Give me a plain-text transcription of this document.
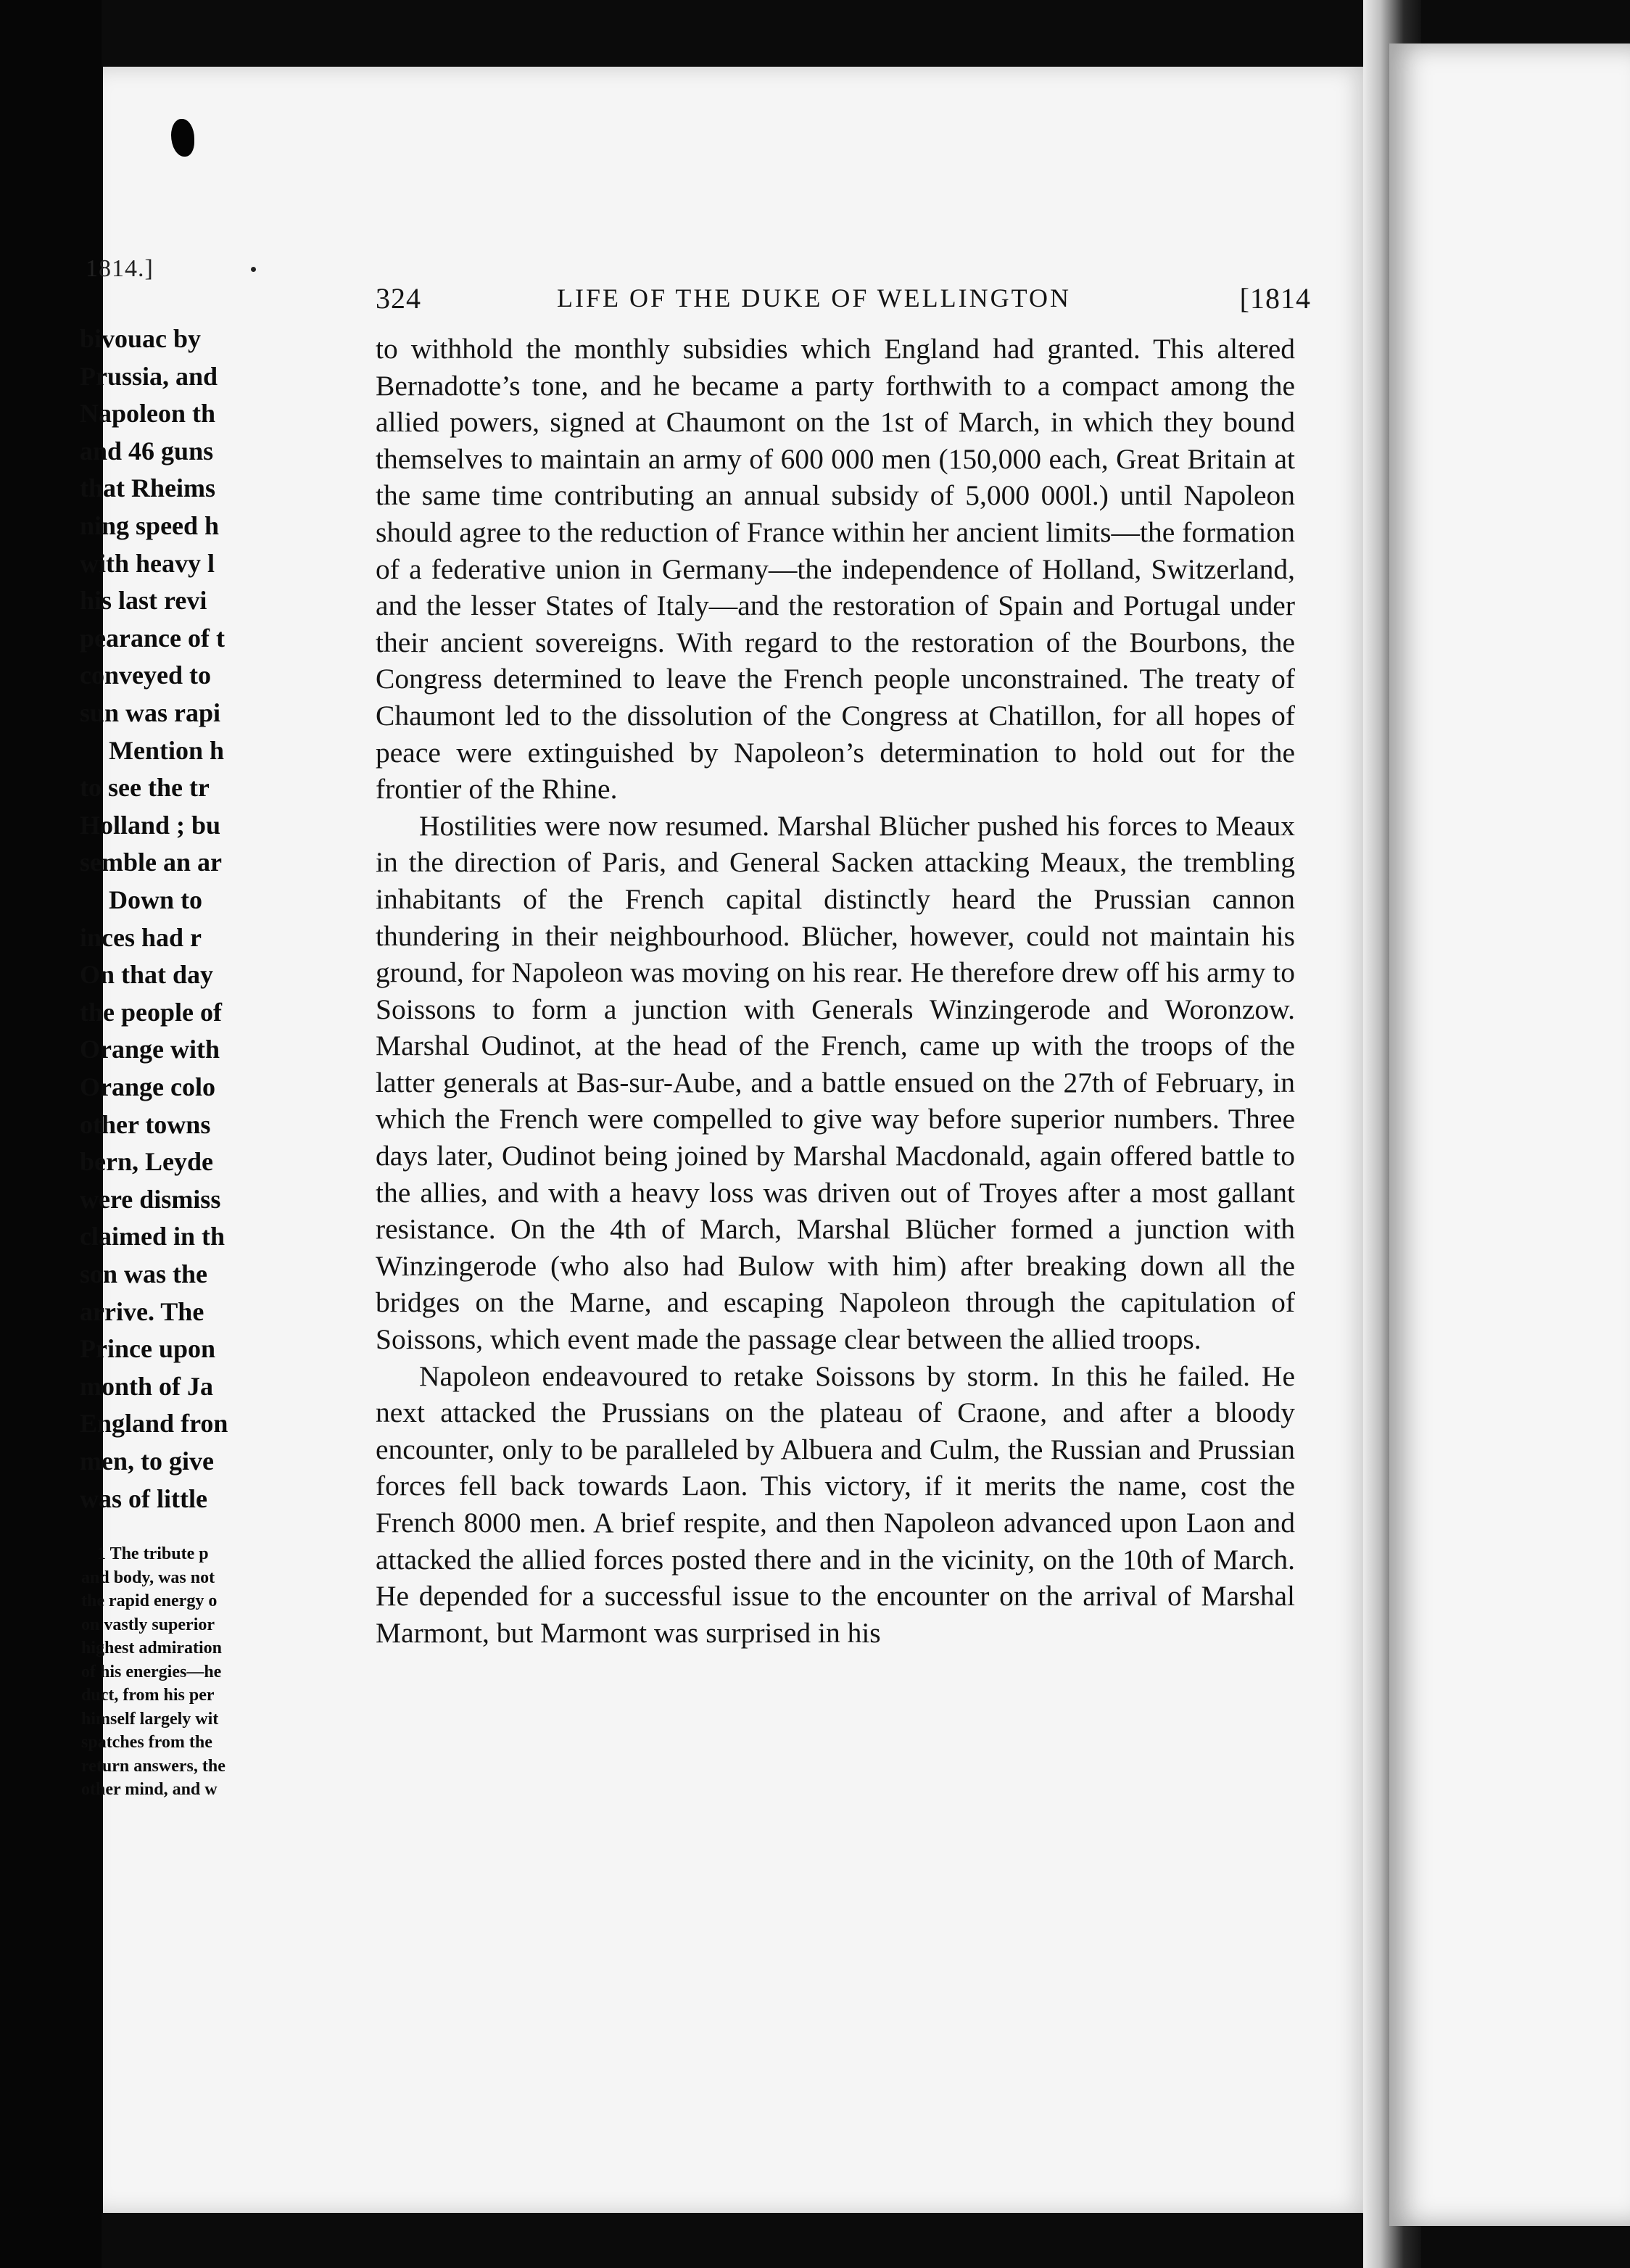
324	LIFE OF THE DUKE OF WELLINGTON	[1814

to withhold the monthly subsidies which England had granted. This altered Bernadotte’s tone, and he became a party forthwith to a compact among the allied powers, signed at Chaumont on the 1st of March, in which they bound themselves to maintain an army of 600 000 men (150,000 each, Great Britain at the same time contributing an annual subsidy of 5,000 000l.) until Napoleon should agree to the reduction of France within her ancient limits—the formation of a federative union in Germany—the independence of Holland, Switzerland, and the lesser States of Italy—and the restoration of Spain and Portugal under their ancient sovereigns. With regard to the restoration of the Bourbons, the Congress determined to leave the French people unconstrained. The treaty of Chaumont led to the dissolution of the Congress at Chatillon, for all hopes of peace were extinguished by Napoleon’s determination to hold out for the frontier of the Rhine.

Hostilities were now resumed. Marshal Blücher pushed his forces to Meaux in the direction of Paris, and General Sacken attacking Meaux, the trembling inhabitants of the French capital distinctly heard the Prussian cannon thundering in their neighbourhood. Blücher, however, could not maintain his ground, for Napoleon was moving on his rear. He therefore drew off his army to Soissons to form a junction with Generals Winzingerode and Woronzow. Marshal Oudinot, at the head of the French, came up with the troops of the latter generals at Bas-sur-Aube, and a battle ensued on the 27th of February, in which the French were compelled to give way before superior numbers. Three days later, Oudinot being joined by Marshal Macdonald, again offered battle to the allies, and with a heavy loss was driven out of Troyes after a most gallant resistance. On the 4th of March, Marshal Blücher formed a junction with Winzingerode (who also had Bulow with him) after breaking down all the bridges on the Marne, and escaping Napoleon through the capitulation of Soissons, which event made the passage clear between the allied troops.

Napoleon endeavoured to retake Soissons by storm. In this he failed. He next attacked the Prussians on the plateau of Craone, and after a bloody encounter, only to be paralleled by Albuera and Culm, the Russian and Prussian forces fell back towards Laon. This victory, if it merits the name, cost the French 8000 men. A brief respite, and then Napoleon advanced upon Laon and attacked the allied forces posted there and in the vicinity, on the 10th of March. He depended for a successful issue to the encounter on the arrival of Marshal Marmont, but Marmont was surprised in his

1814.]
bivouac by
Prussia, and
Napoleon th
and 46 guns
that Rheims
ning speed h
with heavy l
his last revi
pearance of t
conveyed to
sun was rapi
Mention h
to see the tr
Holland ; bu
semble an ar
Down to
inces had r
On that day
the people of
Orange with
Orange colo
other towns
bern, Leyde
were dismiss
claimed in th
son was the
arrive. The
Prince upon
month of Ja
England fron
men, to give
was of little
1 The tribute p
and body, was not
the rapid energy o
on vastly superior
highest admiration
of his energies—he
duct, from his per
himself largely wit
spatches from the
return answers, the
other mind, and w
